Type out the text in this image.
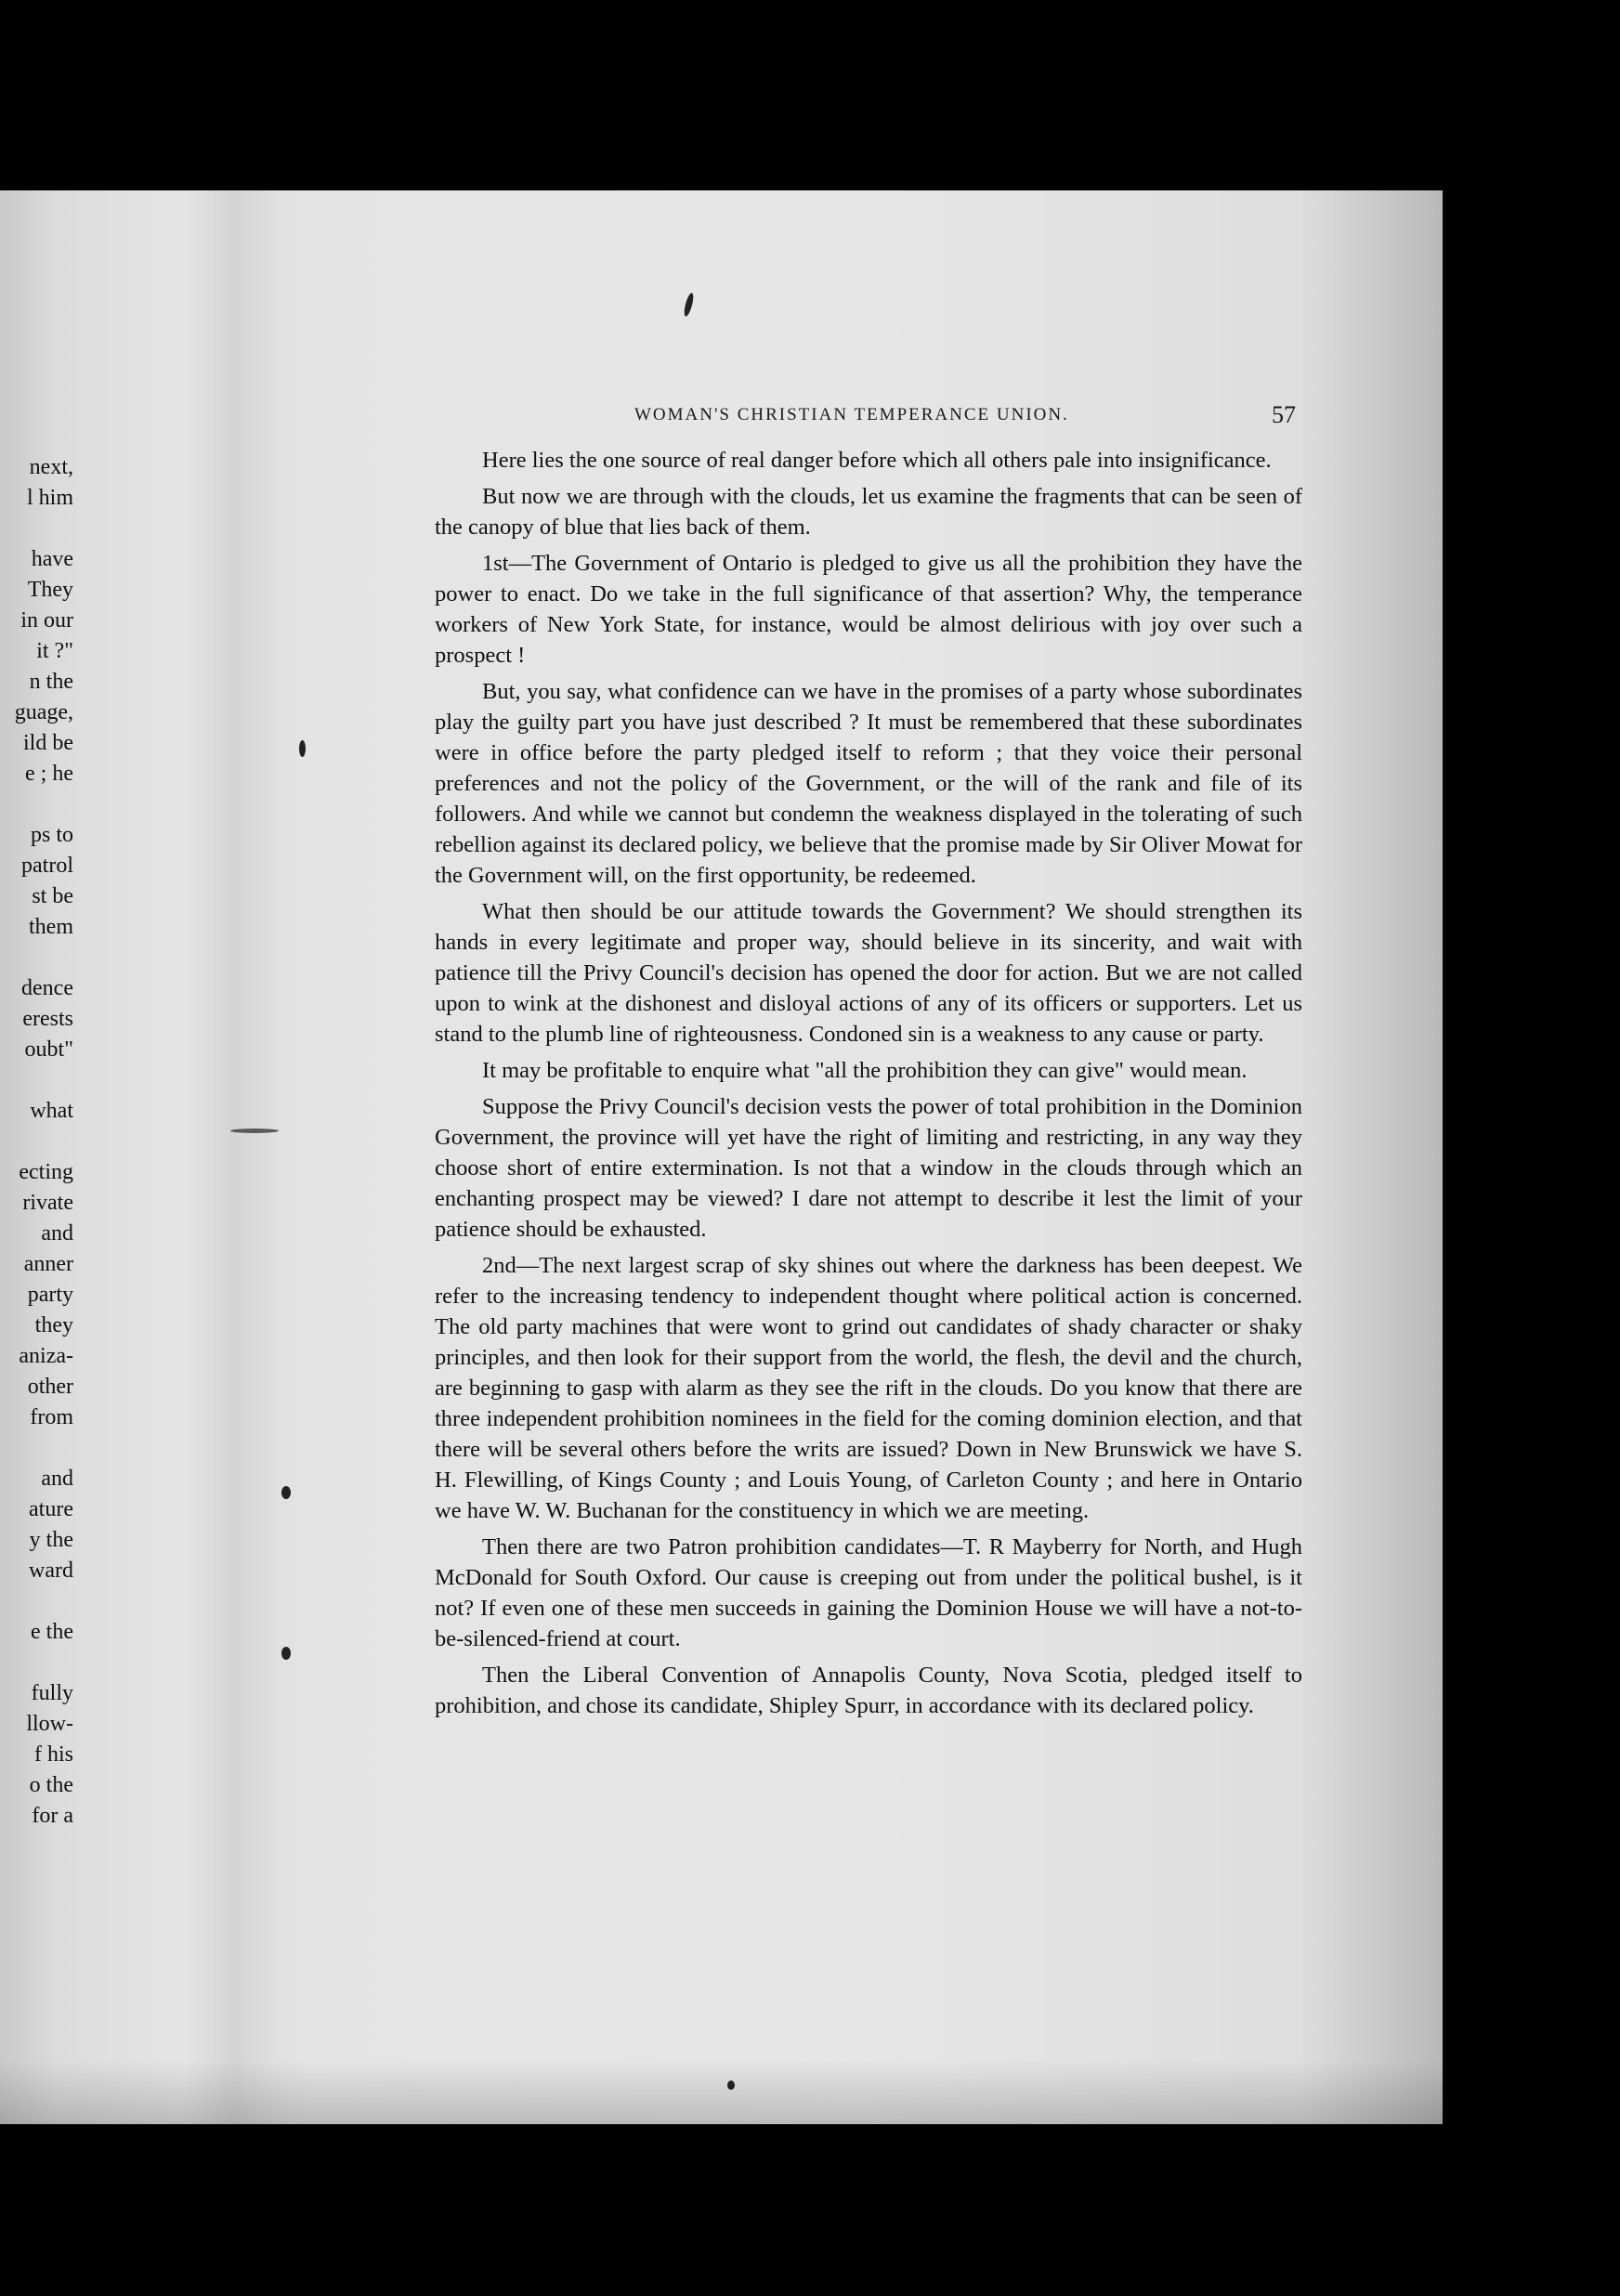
next,
l him
have
They
in our
it ?"
n the
guage,
ild be
e ; he
ps to
patrol
st be
them
dence
erests
oubt"
what
ecting
rivate
and
anner
party
they
aniza-
other
from
and
ature
y the
ward
e the
fully
llow-
f his
o the
for a
WOMAN'S CHRISTIAN TEMPERANCE UNION.	57

Here lies the one source of real danger before which all others pale into insignificance.

But now we are through with the clouds, let us examine the fragments that can be seen of the canopy of blue that lies back of them.

1st—The Government of Ontario is pledged to give us all the prohibition they have the power to enact. Do we take in the full significance of that assertion? Why, the temperance workers of New York State, for instance, would be almost delirious with joy over such a prospect !

But, you say, what confidence can we have in the promises of a party whose subordinates play the guilty part you have just described ? It must be remembered that these subordinates were in office before the party pledged itself to reform ; that they voice their personal preferences and not the policy of the Government, or the will of the rank and file of its followers. And while we cannot but condemn the weakness displayed in the tolerating of such rebellion against its declared policy, we believe that the promise made by Sir Oliver Mowat for the Government will, on the first opportunity, be redeemed.

What then should be our attitude towards the Government? We should strengthen its hands in every legitimate and proper way, should believe in its sincerity, and wait with patience till the Privy Council's decision has opened the door for action. But we are not called upon to wink at the dishonest and disloyal actions of any of its officers or supporters. Let us stand to the plumb line of righteousness. Condoned sin is a weakness to any cause or party.

It may be profitable to enquire what "all the prohibition they can give" would mean.

Suppose the Privy Council's decision vests the power of total prohibition in the Dominion Government, the province will yet have the right of limiting and restricting, in any way they choose short of entire extermination. Is not that a window in the clouds through which an enchanting prospect may be viewed? I dare not attempt to describe it lest the limit of your patience should be exhausted.

2nd—The next largest scrap of sky shines out where the darkness has been deepest. We refer to the increasing tendency to independent thought where political action is concerned. The old party machines that were wont to grind out candidates of shady character or shaky principles, and then look for their support from the world, the flesh, the devil and the church, are beginning to gasp with alarm as they see the rift in the clouds. Do you know that there are three independent prohibition nominees in the field for the coming dominion election, and that there will be several others before the writs are issued? Down in New Brunswick we have S. H. Flewilling, of Kings County ; and Louis Young, of Carleton County ; and here in Ontario we have W. W. Buchanan for the constituency in which we are meeting.

Then there are two Patron prohibition candidates—T. R Mayberry for North, and Hugh McDonald for South Oxford. Our cause is creeping out from under the political bushel, is it not? If even one of these men succeeds in gaining the Dominion House we will have a not-to-be-silenced-friend at court.

Then the Liberal Convention of Annapolis County, Nova Scotia, pledged itself to prohibition, and chose its candidate, Shipley Spurr, in accordance with its declared policy.
